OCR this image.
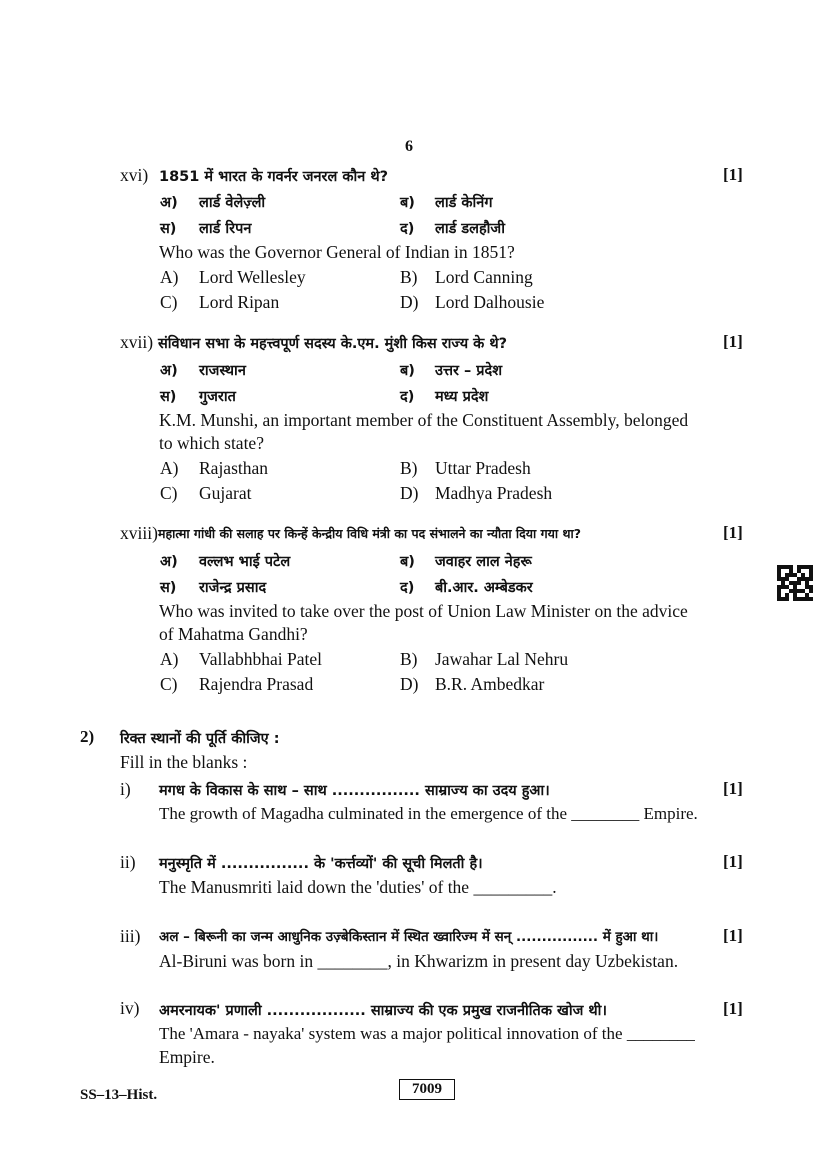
6
xvi) 1851 में भारत के गवर्नर जनरल कौन थे?	[1]
अ) लार्ड वेलेज़्ली	ब) लार्ड केनिंग
स) लार्ड रिपन	द) लार्ड डलहौजी
Who was the Governor General of Indian in 1851?
A) Lord Wellesley	B) Lord Canning
C) Lord Ripan	D) Lord Dalhousie
xvii) संविधान सभा के महत्त्वपूर्ण सदस्य के.एम. मुंशी किस राज्य के थे?	[1]
अ) राजस्थान	ब) उत्तर – प्रदेश
स) गुजरात	द) मध्य प्रदेश
K.M. Munshi, an important member of the Constituent Assembly, belonged
to which state?
A) Rajasthan	B) Uttar Pradesh
C) Gujarat	D) Madhya Pradesh
xviii) महात्मा गांधी की सलाह पर किन्हें केन्द्रीय विधि मंत्री का पद संभालने का न्यौता दिया गया था?	[1]
अ) वल्लभ भाई पटेल	ब) जवाहर लाल नेहरू
स) राजेन्द्र प्रसाद	द) बी.आर. अम्बेडकर
Who was invited to take over the post of Union Law Minister on the advice
of Mahatma Gandhi?
A) Vallabhbhai Patel	B) Jawahar Lal Nehru
C) Rajendra Prasad	D) B.R. Ambedkar
2) रिक्त स्थानों की पूर्ति कीजिए :
Fill in the blanks :
i) मगध के विकास के साथ – साथ ................ साम्राज्य का उदय हुआ।	[1]
The growth of Magadha culminated in the emergence of the ________ Empire.
ii) मनुस्मृति में ................ के 'कर्त्तव्यों' की सूची मिलती है।	[1]
The Manusmriti laid down the 'duties' of the _________.
iii) अल – बिरूनी का जन्म आधुनिक उज़्बेकिस्तान में स्थित ख्वारिज्म में सन् ................ में हुआ था।	[1]
Al-Biruni was born in ________, in Khwarizm in present day Uzbekistan.
iv) अमरनायक' प्रणाली .................. साम्राज्य की एक प्रमुख राजनीतिक खोज थी।	[1]
The 'Amara - nayaka' system was a major political innovation of the ________
Empire.
SS–13–Hist.	7009
